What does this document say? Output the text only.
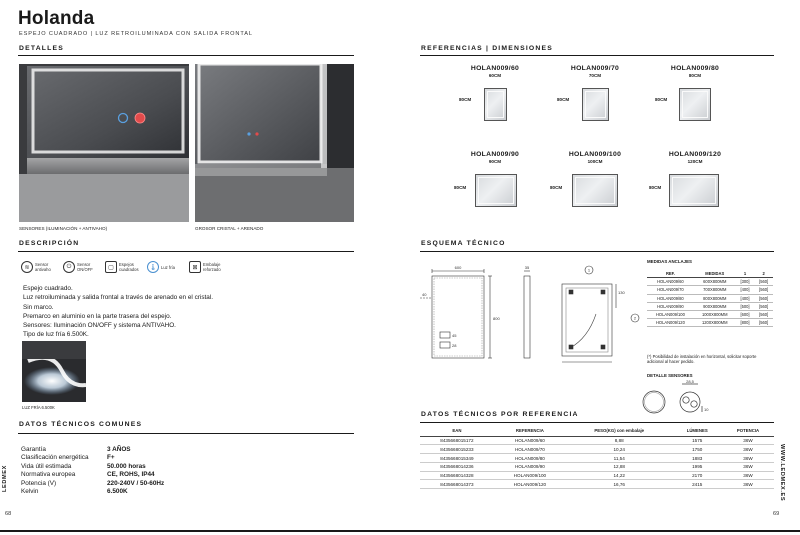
Holanda
ESPEJO CUADRADO | LUZ RETROILUMINADA CON SALIDA FRONTAL
DETALLES
SENSORES (ILUMINACIÓN + ANTIVAHO)	GROSOR CRISTAL + ARENADO
DESCRIPCIÓN
≋	Sensor antivaho	⏻	Sensor ON/OFF	▢	Espejos cuadrados	🌡 Luz fría	⊠	Embalaje reforzado
Espejo cuadrado.
Luz retroiluminada y salida frontal a través de arenado en el cristal.
Sin marco.
Premarco en aluminio en la parte trasera del espejo.
Sensores: Iluminación ON/OFF y sistema ANTIVAHO.
Tipo de luz fría 6.500K.
LUZ FRÍA 6.500K
DATOS TÉCNICOS COMUNES
Garantía	3 AÑOS
Clasificación energética	F+
Vida útil estimada	50.000 horas
Normativa europea	CE, ROHS, IP44
Potencia (V)	220-240V / 50-60Hz
Kelvin	6.500K
LEDMEX
68
REFERENCIAS | DIMENSIONES
HOLAN009/60
60CM
80CM
HOLAN009/70
70CM
80CM
HOLAN009/80
80CM
80CM
HOLAN009/90
90CM
80CM
HOLAN009/100
100CM
80CM
HOLAN009/120
120CM
80CM
ESQUEMA TÉCNICO
600
800
35
130
45
28
40
1
2
MEDIDAS ANCLAJES
REF.	MEDIDAS	1	2
HOLAN009/60	600X800MM	[300]	[560]
HOLAN009/70	700X800MM	[400]	[560]
HOLAN009/80	800X800MM	[400]	[560]
HOLAN009/90	900X800MM	[500]	[560]
HOLAN009/100	1000X800MM	[600]	[560]
HOLAN009/120	1200X800MM	[800]	[560]
(*) Posibilidad de instalación en horizontal, solicitar soporte adicional al hacer pedido.
DETALLE SENSORES
28,5
10
DATOS TÉCNICOS POR REFERENCIA
EAN	REFERENCIA	PESO(KG) con embalaje	LÚMENES	POTENCIA
8435668015172	HOLAN009/60	8,88	1575	36W
8435668015233	HOLAN009/70	10,24	1750	36W
8435668015349	HOLAN009/80	11,54	1883	36W
8435668014236	HOLAN009/90	12,88	1995	36W
8435668014328	HOLAN009/100	14,22	2170	36W
8435668014373	HOLAN009/120	16,76	2415	36W	WWW.LEDMEX.ES
69
